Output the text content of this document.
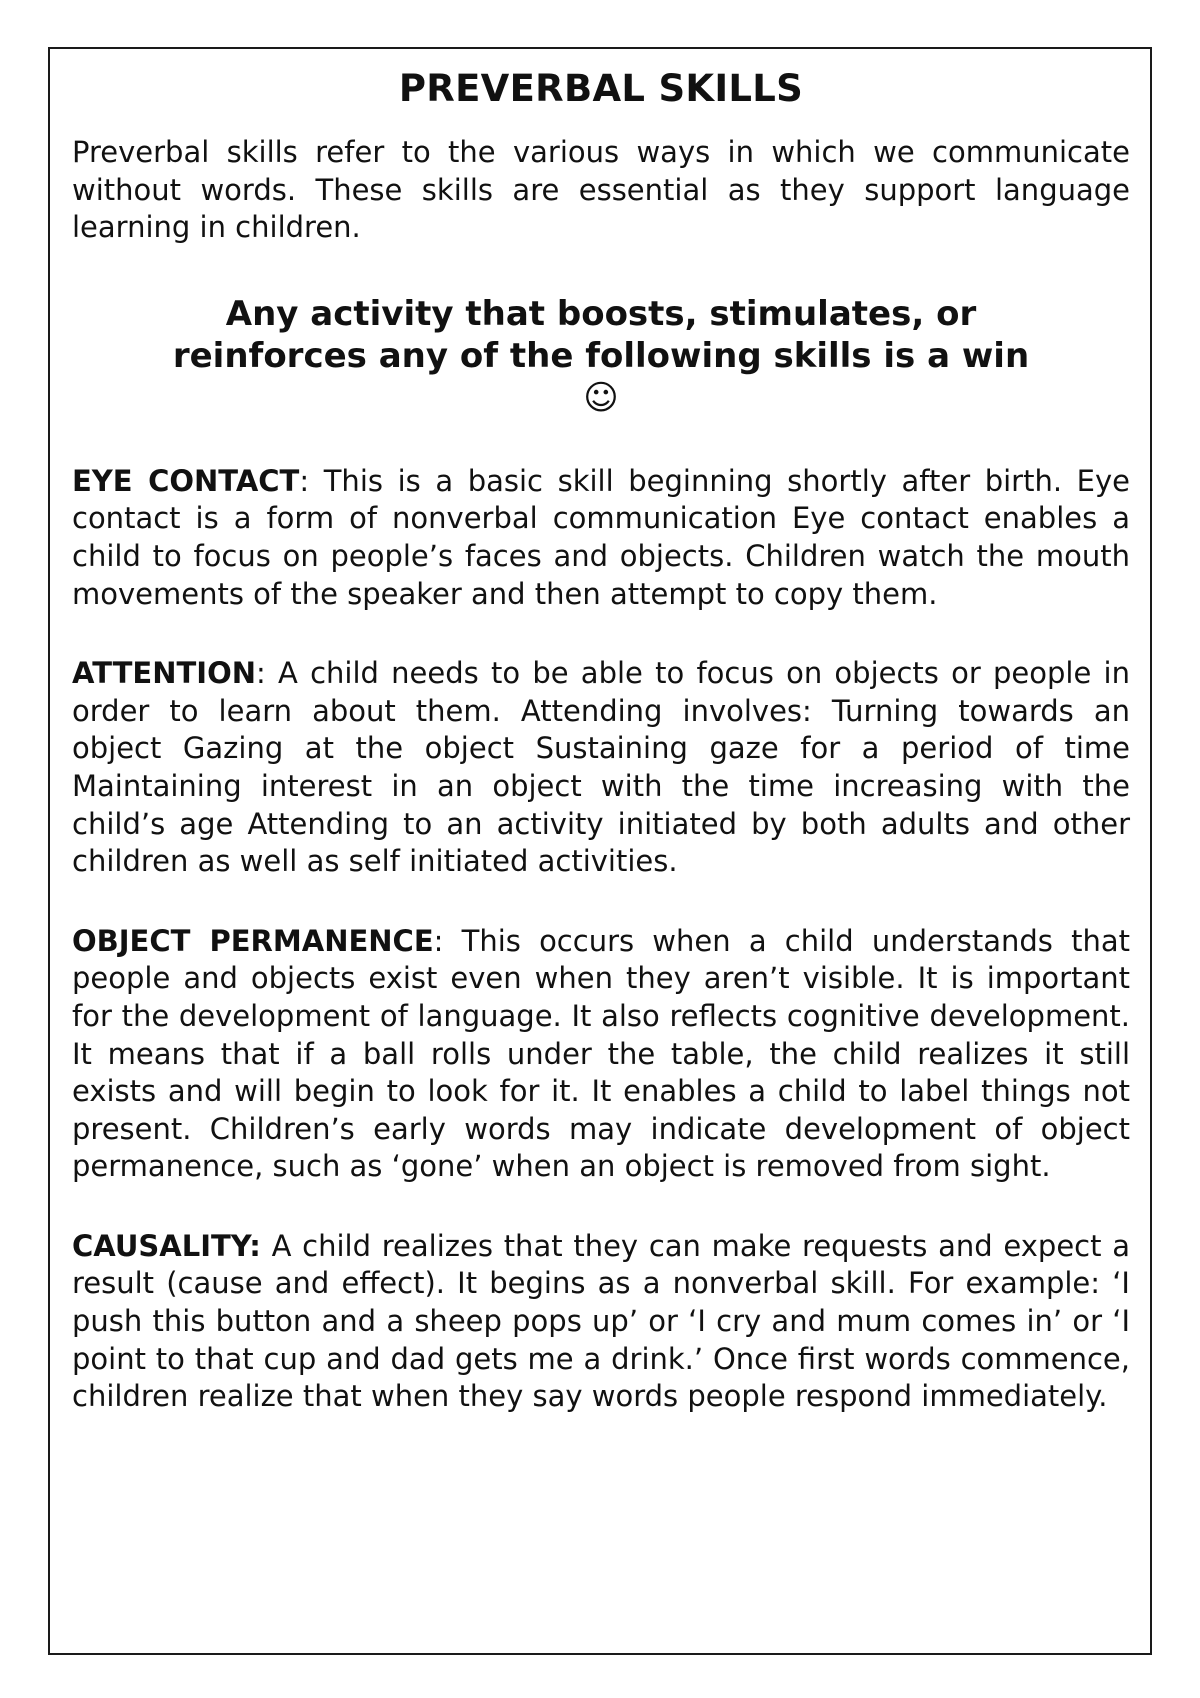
PREVERBAL SKILLS

Preverbal skills refer to the various ways in which we communicate without words. These skills are essential as they support language learning in children.

Any activity that boosts, stimulates, or reinforces any of the following skills is a win☺

EYE CONTACT: This is a basic skill beginning shortly after birth. Eye contact is a form of nonverbal communication Eye contact enables a child to focus on people’s faces and objects. Children watch the mouth movements of the speaker and then attempt to copy them.

ATTENTION: A child needs to be able to focus on objects or people in order to learn about them. Attending involves: Turning towards an object Gazing at the object Sustaining gaze for a period of time Maintaining interest in an object with the time increasing with the child’s age Attending to an activity initiated by both adults and other children as well as self initiated activities.

OBJECT PERMANENCE: This occurs when a child understands that people and objects exist even when they aren’t visible. It is important for the development of language. It also reflects cognitive development. It means that if a ball rolls under the table, the child realizes it still exists and will begin to look for it. It enables a child to label things not present. Children’s early words may indicate development of object permanence, such as ‘gone’ when an object is removed from sight.

CAUSALITY: A child realizes that they can make requests and expect a result (cause and effect). It begins as a nonverbal skill. For example: ‘I push this button and a sheep pops up’ or ‘I cry and mum comes in’ or ‘I point to that cup and dad gets me a drink.’ Once first words commence, children realize that when they say words people respond immediately.
